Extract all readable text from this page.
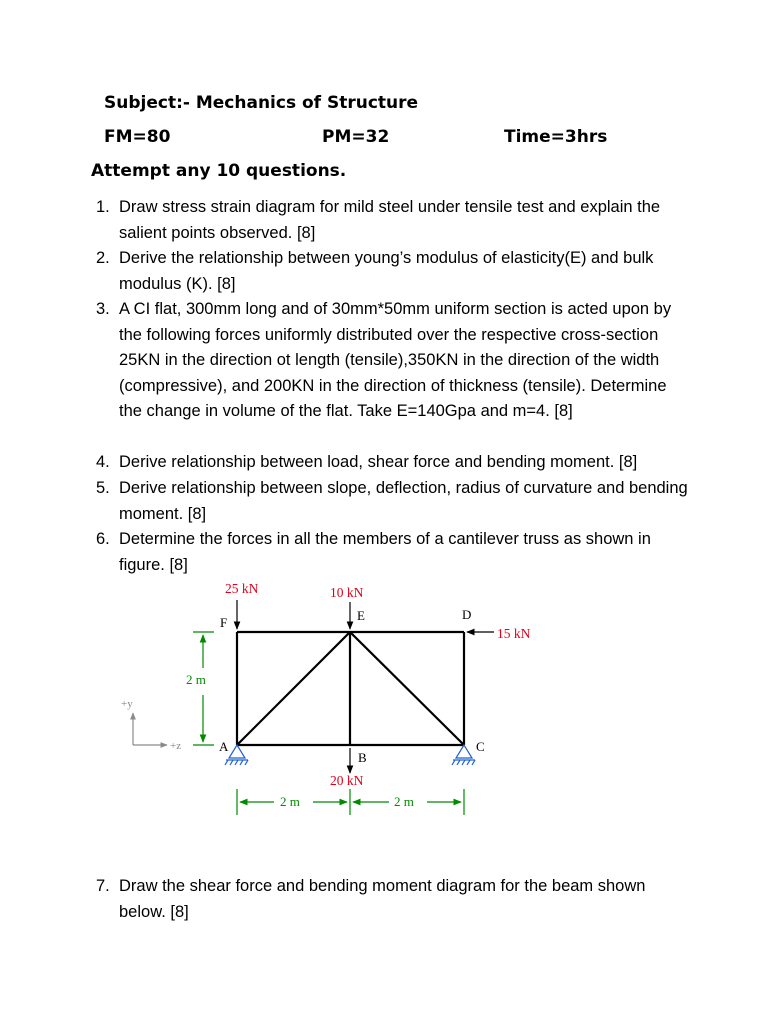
Subject:- Mechanics of Structure

FM=80	PM=32	Time=3hrs

Attempt any 10 questions.

1. Draw stress strain diagram for mild steel under tensile test and explain the salient points observed. [8]
2. Derive the relationship between young’s modulus of elasticity(E) and bulk modulus (K). [8]
3. A CI flat, 300mm long and of 30mm*50mm uniform section is acted upon by the following forces uniformly distributed over the respective cross-section 25KN in the direction ot length (tensile),350KN in the direction of the width (compressive), and 200KN in the direction of thickness (tensile). Determine the change in volume of the flat. Take E=140Gpa and m=4. [8]
4. Derive relationship between load, shear force and bending moment. [8]
5. Derive relationship between slope, deflection, radius of curvature and bending moment. [8]
6. Determine the forces in all the members of a cantilever truss as shown in figure. [8]
25 kN	10 kN
15 kN
20 kN
F	E	D
A
B
C
2 m
2 m	2 m
+y
+z
7. Draw the shear force and bending moment diagram for the beam shown below. [8]
